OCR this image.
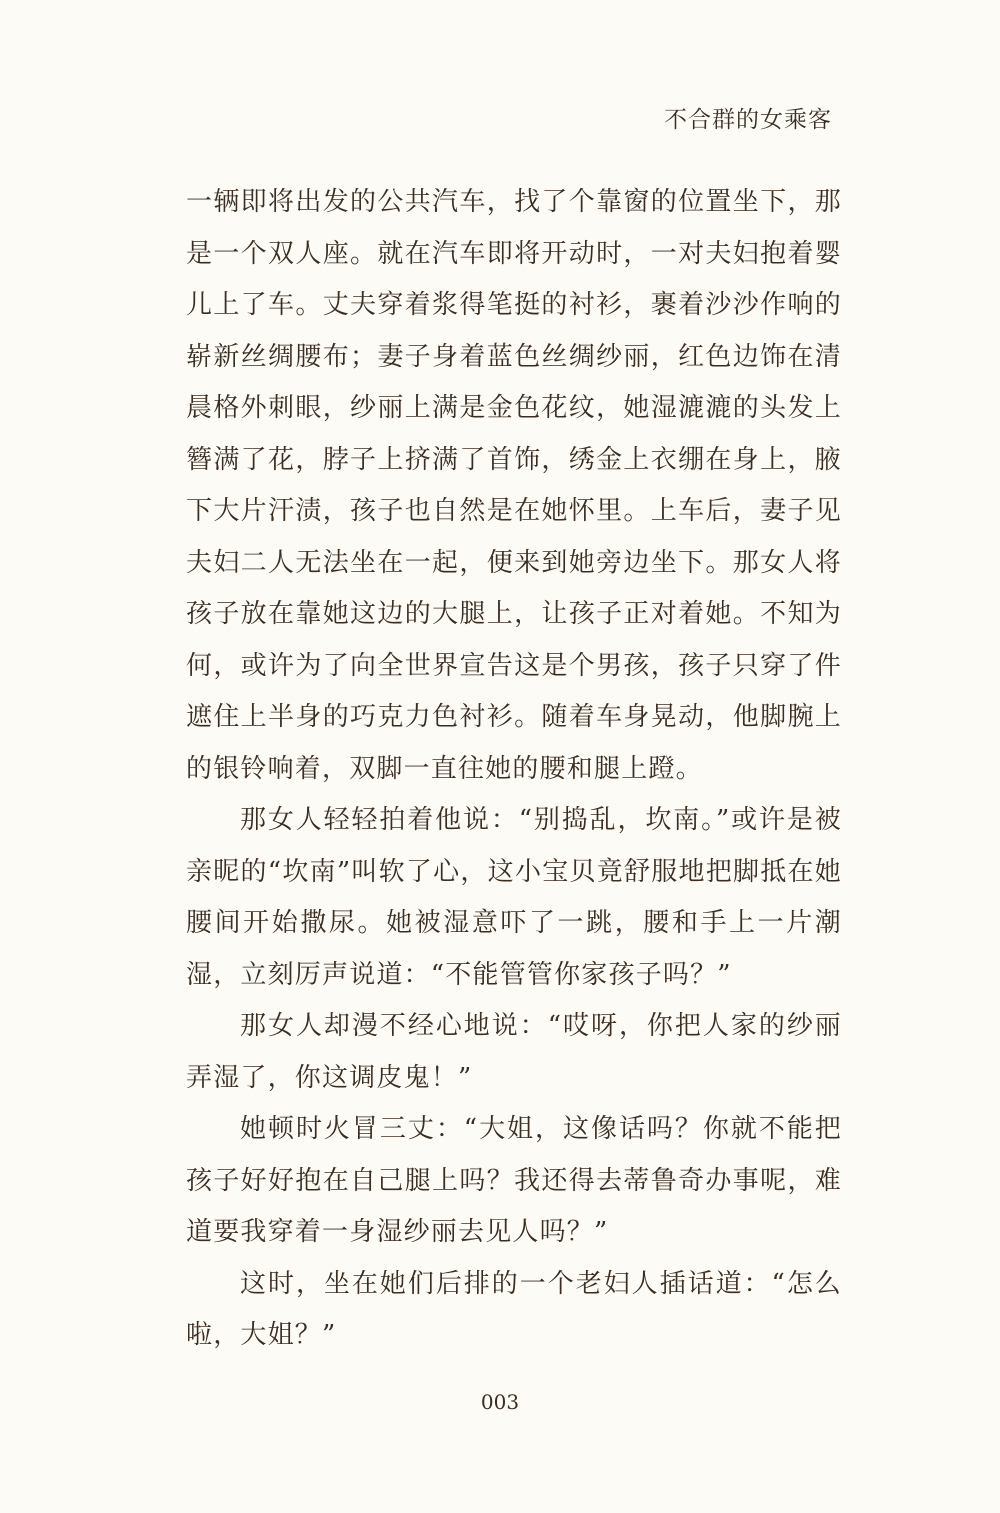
不合群的女乘客

一辆即将出发的公共汽车，找了个靠窗的位置坐下，那是一个双人座。就在汽车即将开动时，一对夫妇抱着婴儿上了车。丈夫穿着浆得笔挺的衬衫，裹着沙沙作响的崭新丝绸腰布；妻子身着蓝色丝绸纱丽，红色边饰在清晨格外刺眼，纱丽上满是金色花纹，她湿漉漉的头发上簪满了花，脖子上挤满了首饰，绣金上衣绷在身上，腋下大片汗渍，孩子也自然是在她怀里。上车后，妻子见夫妇二人无法坐在一起，便来到她旁边坐下。那女人将孩子放在靠她这边的大腿上，让孩子正对着她。不知为何，或许为了向全世界宣告这是个男孩，孩子只穿了件遮住上半身的巧克力色衬衫。随着车身晃动，他脚腕上的银铃响着，双脚一直往她的腰和腿上蹬。

那女人轻轻拍着他说：“别捣乱，坎南。”或许是被亲昵的“坎南”叫软了心，这小宝贝竟舒服地把脚抵在她腰间开始撒尿。她被湿意吓了一跳，腰和手上一片潮湿，立刻厉声说道：“不能管管你家孩子吗？”

那女人却漫不经心地说：“哎呀，你把人家的纱丽弄湿了，你这调皮鬼！”

她顿时火冒三丈：“大姐，这像话吗？你就不能把孩子好好抱在自己腿上吗？我还得去蒂鲁奇办事呢，难道要我穿着一身湿纱丽去见人吗？”

这时，坐在她们后排的一个老妇人插话道：“怎么啦，大姐？”

003
